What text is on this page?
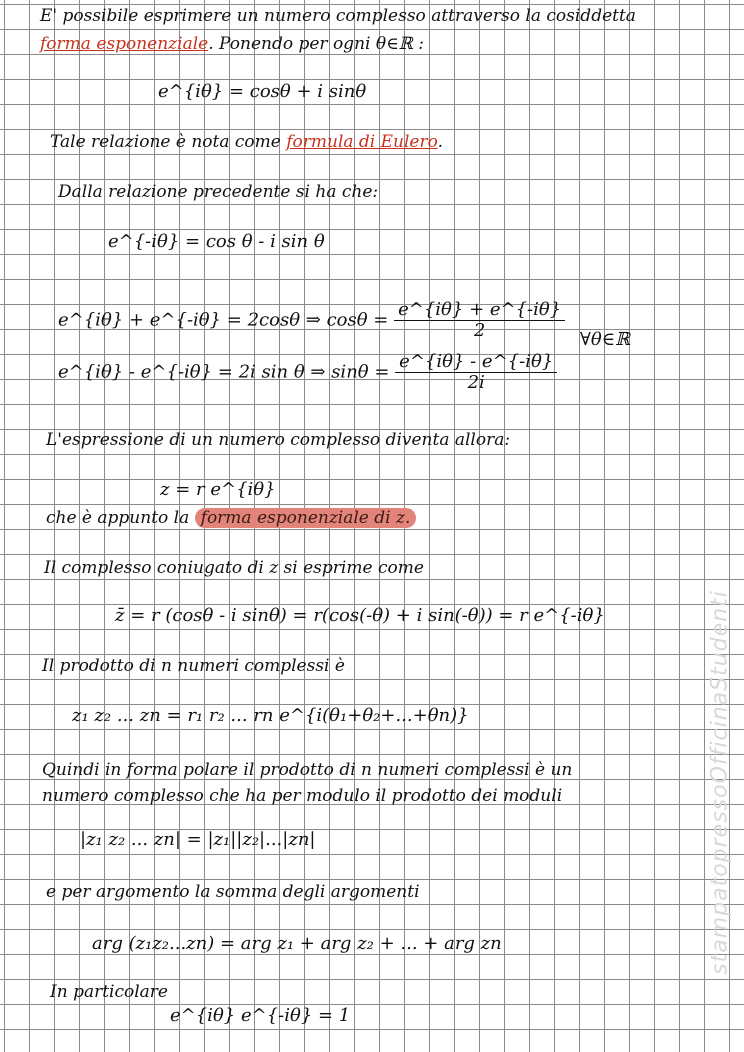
E' possibile esprimere un numero complesso attraverso la cosiddetta
forma esponenziale. Ponendo per ogni θ∈ℝ :
e^{iθ} = cosθ + i sinθ
Tale relazione è nota come formula di Eulero.
Dalla relazione precedente si ha che:
e^{-iθ} = cos θ - i sin θ
e^{iθ} + e^{-iθ} = 2cosθ ⇒ $\cos\theta = \frac{e\^{}\{i\theta\} + e\^{}\{-i\theta\}}{2}$ ∀θ∈ℝ
e^{iθ} - e^{-iθ} = 2i sin θ ⇒ $\sin\theta = \frac{e\^{}\{i\theta\} - e\^{}\{-i\theta\}}{2i}$
L'espressione di un numero complesso diventa allora:
z = r e^{iθ}
che è appunto la forma esponenziale di z.
Il complesso coniugato di z si esprime come
z̄ = r (cosθ - i sinθ) = r(cos(-θ) + i sin(-θ)) = r e^{-iθ}
Il prodotto di n numeri complessi è
z₁ z₂ ... zn = r₁ r₂ ... rn e^{i(θ₁+θ₂+...+θn)}
Quindi in forma polare il prodotto di n numeri complessi è un
numero complesso che ha per modulo il prodotto dei moduli
|z₁ z₂ ... zn| = |z₁||z₂|...|zn|
e per argomento la somma degli argomenti
arg (z₁z₂...zn) = arg z₁ + arg z₂ + ... + arg zn
In particolare
e^{iθ} e^{-iθ} = 1
stampatopressoOfficinaStudenti
